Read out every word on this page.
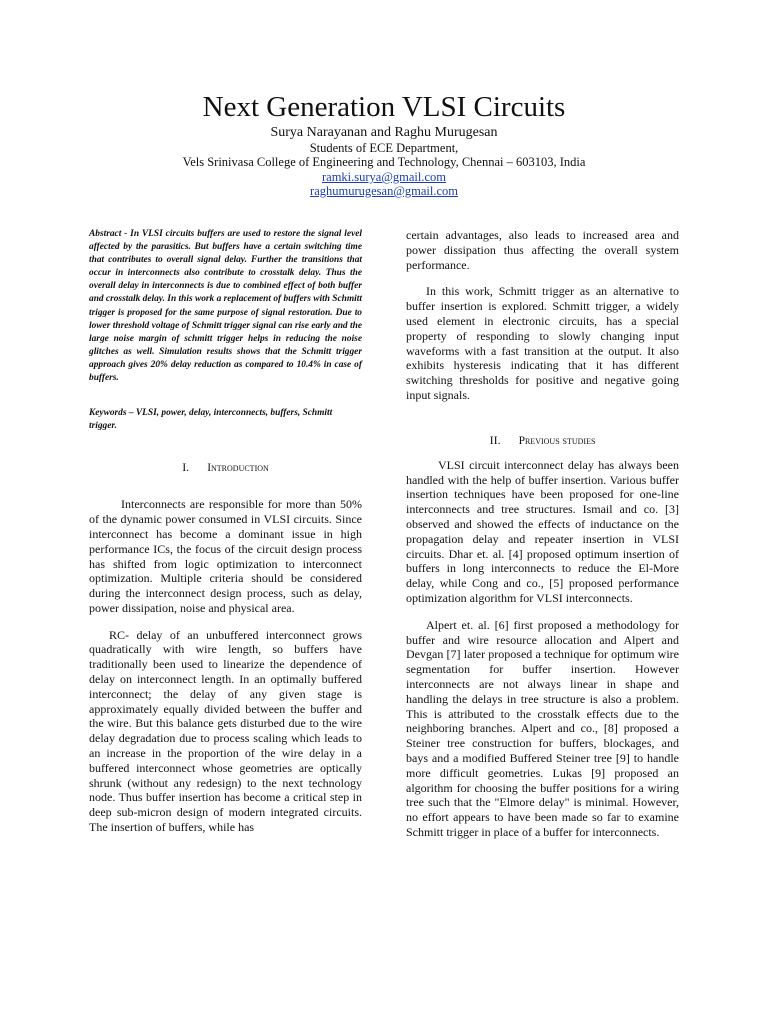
Next Generation VLSI Circuits
Surya Narayanan and Raghu Murugesan
Students of ECE Department,
Vels Srinivasa College of Engineering and Technology, Chennai – 603103, India
ramki.surya@gmail.com
raghumurugesan@gmail.com

Abstract - In VLSI circuits buffers are used to restore the signal level affected by the parasitics. But buffers have a certain switching time that contributes to overall signal delay. Further the transitions that occur in interconnects also contribute to crosstalk delay. Thus the overall delay in interconnects is due to combined effect of both buffer and crosstalk delay. In this work a replacement of buffers with Schmitt trigger is proposed for the same purpose of signal restoration. Due to lower threshold voltage of Schmitt trigger signal can rise early and the large noise margin of schmitt trigger helps in reducing the noise glitches as well. Simulation results shows that the Schmitt trigger approach gives 20% delay reduction as compared to 10.4% in case of buffers.

Keywords – VLSI, power, delay, interconnects, buffers, Schmitt trigger.

I. Introduction

Interconnects are responsible for more than 50% of the dynamic power consumed in VLSI circuits. Since interconnect has become a dominant issue in high performance ICs, the focus of the circuit design process has shifted from logic optimization to interconnect optimization. Multiple criteria should be considered during the interconnect design process, such as delay, power dissipation, noise and physical area.

RC- delay of an unbuffered interconnect grows quadratically with wire length, so buffers have traditionally been used to linearize the dependence of delay on interconnect length. In an optimally buffered interconnect; the delay of any given stage is approximately equally divided between the buffer and the wire. But this balance gets disturbed due to the wire delay degradation due to process scaling which leads to an increase in the proportion of the wire delay in a buffered interconnect whose geometries are optically shrunk (without any redesign) to the next technology node. Thus buffer insertion has become a critical step in deep sub-micron design of modern integrated circuits. The insertion of buffers, while has

certain advantages, also leads to increased area and power dissipation thus affecting the overall system performance.

In this work, Schmitt trigger as an alternative to buffer insertion is explored. Schmitt trigger, a widely used element in electronic circuits, has a special property of responding to slowly changing input waveforms with a fast transition at the output. It also exhibits hysteresis indicating that it has different switching thresholds for positive and negative going input signals.

II. Previous studies

VLSI circuit interconnect delay has always been handled with the help of buffer insertion. Various buffer insertion techniques have been proposed for one-line interconnects and tree structures. Ismail and co. [3] observed and showed the effects of inductance on the propagation delay and repeater insertion in VLSI circuits. Dhar et. al. [4] proposed optimum insertion of buffers in long interconnects to reduce the El-More delay, while Cong and co., [5] proposed performance optimization algorithm for VLSI interconnects.

Alpert et. al. [6] first proposed a methodology for buffer and wire resource allocation and Alpert and Devgan [7] later proposed a technique for optimum wire segmentation for buffer insertion. However interconnects are not always linear in shape and handling the delays in tree structure is also a problem. This is attributed to the crosstalk effects due to the neighboring branches. Alpert and co., [8] proposed a Steiner tree construction for buffers, blockages, and bays and a modified Buffered Steiner tree [9] to handle more difficult geometries. Lukas [9] proposed an algorithm for choosing the buffer positions for a wiring tree such that the "Elmore delay" is minimal. However, no effort appears to have been made so far to examine Schmitt trigger in place of a buffer for interconnects.
